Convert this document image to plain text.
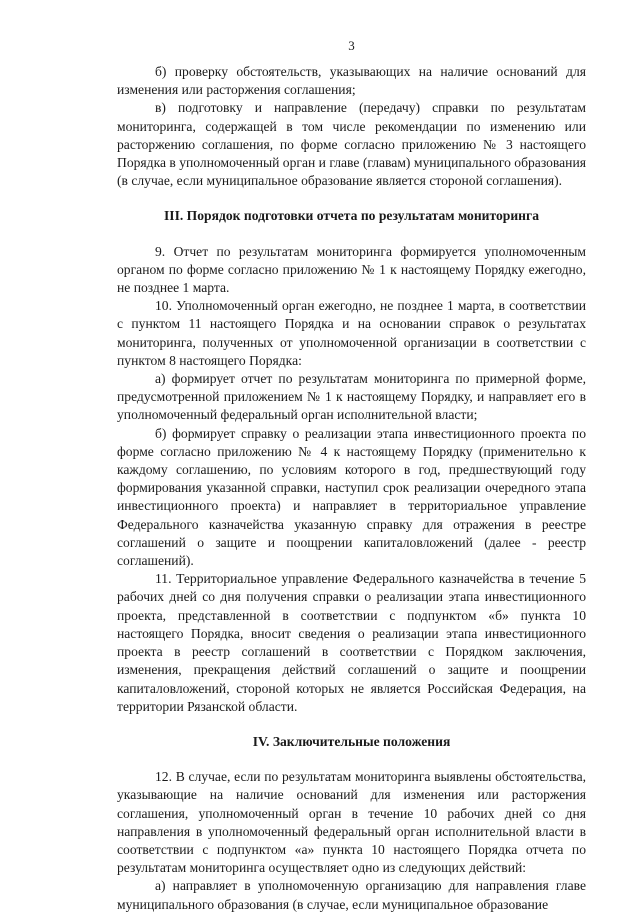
3

б) проверку обстоятельств, указывающих на наличие оснований для изменения или расторжения соглашения;

в) подготовку и направление (передачу) справки по результатам мониторинга, содержащей в том числе рекомендации по изменению или расторжению соглашения, по форме согласно приложению № 3 настоящего Порядка в уполномоченный орган и главе (главам) муниципального образования (в случае, если муниципальное образование является стороной соглашения).

III. Порядок подготовки отчета по результатам мониторинга

9. Отчет по результатам мониторинга формируется уполномоченным органом по форме согласно приложению № 1 к настоящему Порядку ежегодно, не позднее 1 марта.

10. Уполномоченный орган ежегодно, не позднее 1 марта, в соответствии с пунктом 11 настоящего Порядка и на основании справок о результатах мониторинга, полученных от уполномоченной организации в соответствии с пунктом 8 настоящего Порядка:

а) формирует отчет по результатам мониторинга по примерной форме, предусмотренной приложением № 1 к настоящему Порядку, и направляет его в уполномоченный федеральный орган исполнительной власти;

б) формирует справку о реализации этапа инвестиционного проекта по форме согласно приложению № 4 к настоящему Порядку (применительно к каждому соглашению, по условиям которого в год, предшествующий году формирования указанной справки, наступил срок реализации очередного этапа инвестиционного проекта) и направляет в территориальное управление Федерального казначейства указанную справку для отражения в реестре соглашений о защите и поощрении капиталовложений (далее - реестр соглашений).

11. Территориальное управление Федерального казначейства в течение 5 рабочих дней со дня получения справки о реализации этапа инвестиционного проекта, представленной в соответствии с подпунктом «б» пункта 10 настоящего Порядка, вносит сведения о реализации этапа инвестиционного проекта в реестр соглашений в соответствии с Порядком заключения, изменения, прекращения действий соглашений о защите и поощрении капиталовложений, стороной которых не является Российская Федерация, на территории Рязанской области.

IV. Заключительные положения

12. В случае, если по результатам мониторинга выявлены обстоятельства, указывающие на наличие оснований для изменения или расторжения соглашения, уполномоченный орган в течение 10 рабочих дней со дня направления в уполномоченный федеральный орган исполнительной власти в соответствии с подпунктом «а» пункта 10 настоящего Порядка отчета по результатам мониторинга осуществляет одно из следующих действий:

а) направляет в уполномоченную организацию для направления главе муниципального образования (в случае, если муниципальное образование
